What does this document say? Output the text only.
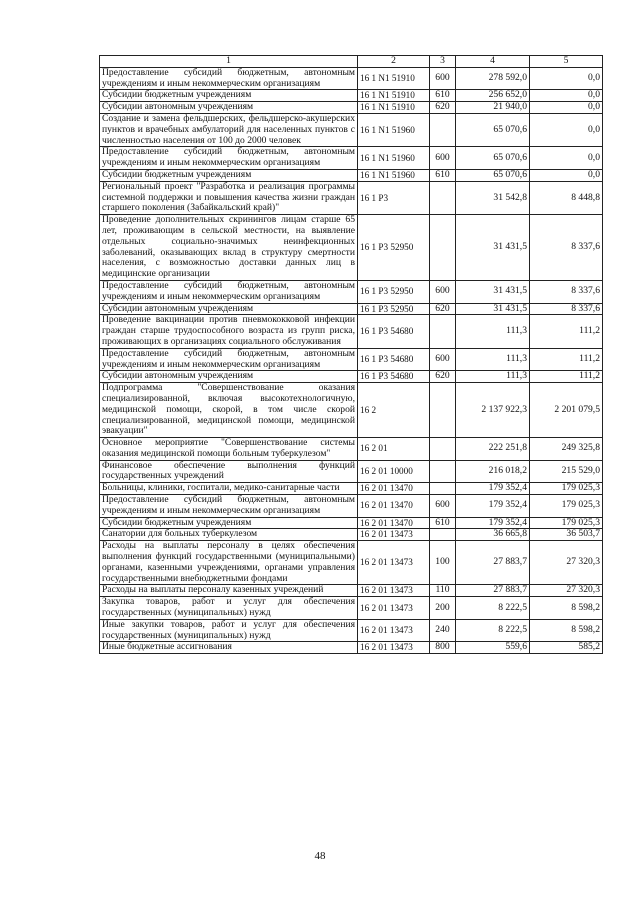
1	2	3	4	5
Предоставление субсидий бюджетным, автономным учреждениям и иным некоммерческим организациям	16 1 N1 51910	600	278 592,0	0,0
Субсидии бюджетным учреждениям	16 1 N1 51910	610	256 652,0	0,0
Субсидии автономным учреждениям	16 1 N1 51910	620	21 940,0	0,0
Создание и замена фельдшерских, фельдшерско-акушерских пунктов и врачебных амбулаторий для населенных пунктов с численностью населения от 100 до 2000 человек	16 1 N1 51960		65 070,6	0,0
Предоставление субсидий бюджетным, автономным учреждениям и иным некоммерческим организациям	16 1 N1 51960	600	65 070,6	0,0
Субсидии бюджетным учреждениям	16 1 N1 51960	610	65 070,6	0,0
Региональный проект "Разработка и реализация программы системной поддержки и повышения качества жизни граждан старшего поколения (Забайкальский край)"	16 1 P3		31 542,8	8 448,8
Проведение дополнительных скринингов лицам старше 65 лет, проживающим в сельской местности, на выявление отдельных социально-значимых неинфекционных заболеваний, оказывающих вклад в структуру смертности населения, с возможностью доставки данных лиц в медицинские организации	16 1 P3 52950		31 431,5	8 337,6
Предоставление субсидий бюджетным, автономным учреждениям и иным некоммерческим организациям	16 1 P3 52950	600	31 431,5	8 337,6
Субсидии автономным учреждениям	16 1 P3 52950	620	31 431,5	8 337,6
Проведение вакцинации против пневмококковой инфекции граждан старше трудоспособного возраста из групп риска, проживающих в организациях социального обслуживания	16 1 P3 54680		111,3	111,2
Предоставление субсидий бюджетным, автономным учреждениям и иным некоммерческим организациям	16 1 P3 54680	600	111,3	111,2
Субсидии автономным учреждениям	16 1 P3 54680	620	111,3	111,2
Подпрограмма "Совершенствование оказания специализированной, включая высокотехнологичную, медицинской помощи, скорой, в том числе скорой специализированной, медицинской помощи, медицинской эвакуации"	16 2		2 137 922,3	2 201 079,5
Основное мероприятие "Совершенствование системы оказания медицинской помощи больным туберкулезом"	16 2 01		222 251,8	249 325,8
Финансовое обеспечение выполнения функций государственных учреждений	16 2 01 10000		216 018,2	215 529,0
Больницы, клиники, госпитали, медико-санитарные части	16 2 01 13470		179 352,4	179 025,3
Предоставление субсидий бюджетным, автономным учреждениям и иным некоммерческим организациям	16 2 01 13470	600	179 352,4	179 025,3
Субсидии бюджетным учреждениям	16 2 01 13470	610	179 352,4	179 025,3
Санатории для больных туберкулезом	16 2 01 13473		36 665,8	36 503,7
Расходы на выплаты персоналу в целях обеспечения выполнения функций государственными (муниципальными) органами, казенными учреждениями, органами управления государственными внебюджетными фондами	16 2 01 13473	100	27 883,7	27 320,3
Расходы на выплаты персоналу казенных учреждений	16 2 01 13473	110	27 883,7	27 320,3
Закупка товаров, работ и услуг для обеспечения государственных (муниципальных) нужд	16 2 01 13473	200	8 222,5	8 598,2
Иные закупки товаров, работ и услуг для обеспечения государственных (муниципальных) нужд	16 2 01 13473	240	8 222,5	8 598,2
Иные бюджетные ассигнования	16 2 01 13473	800	559,6	585,2
48
